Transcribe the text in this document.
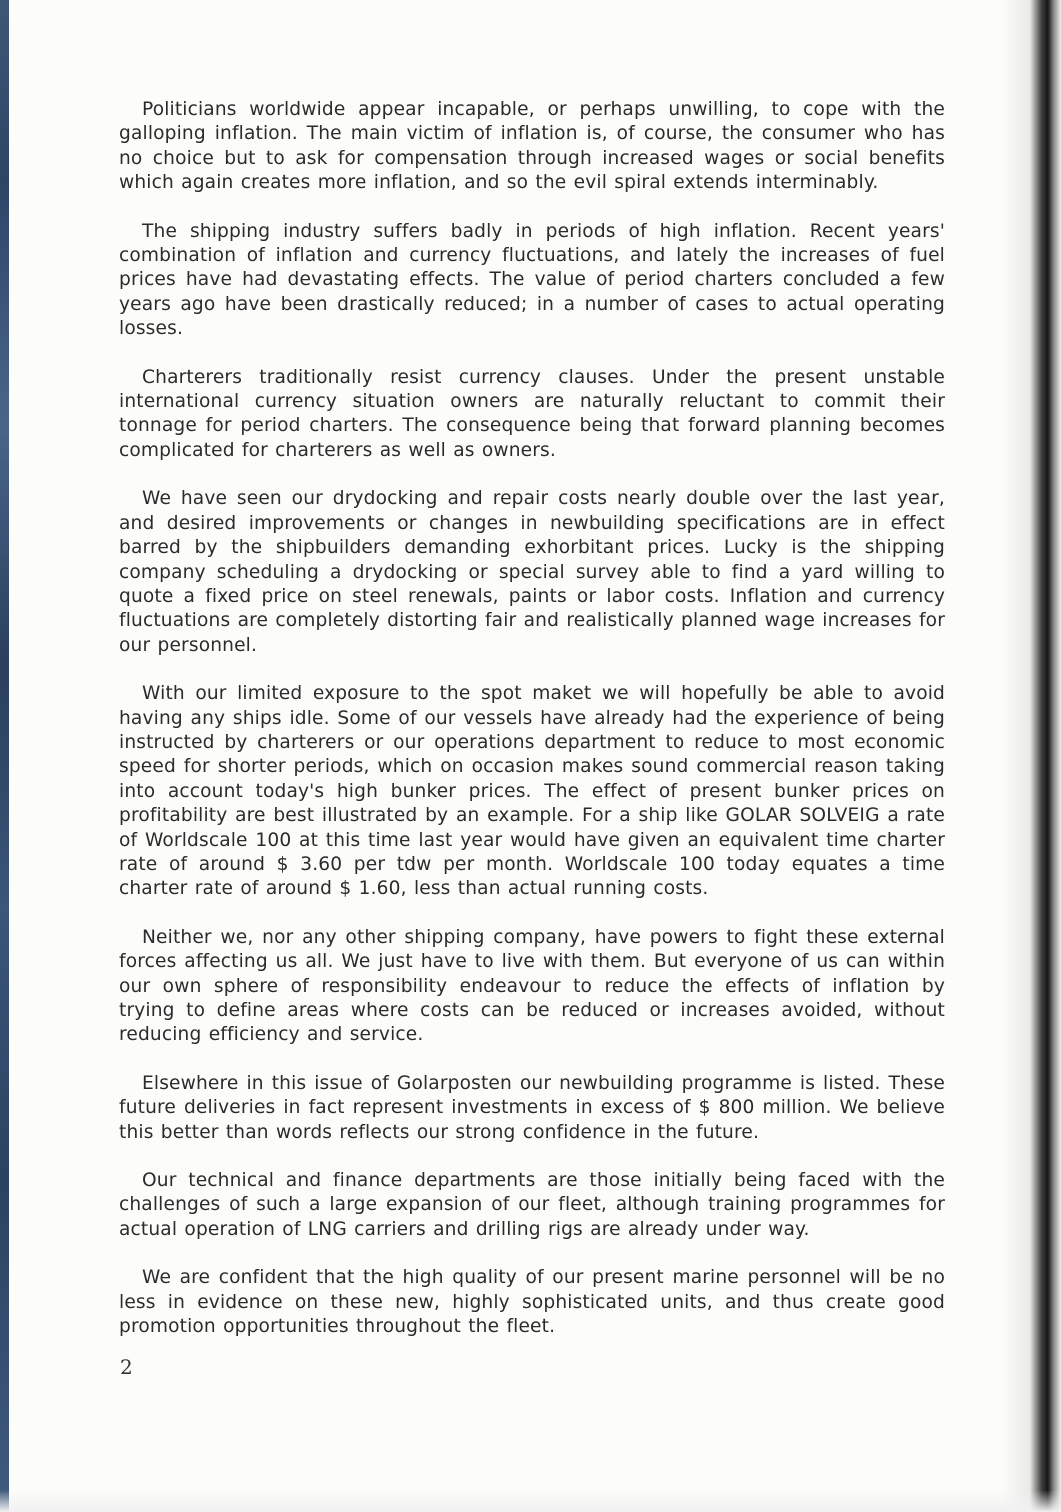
Politicians worldwide appear incapable, or perhaps unwilling, to cope with the galloping inflation. The main victim of inflation is, of course, the consumer who has no choice but to ask for compensation through increased wages or social benefits which again creates more inflation, and so the evil spiral extends interminably.

The shipping industry suffers badly in periods of high inflation. Recent years' combination of inflation and currency fluctuations, and lately the increases of fuel prices have had devastating effects. The value of period charters concluded a few years ago have been drastically reduced; in a number of cases to actual operating losses.

Charterers traditionally resist currency clauses. Under the present unstable international currency situation owners are naturally reluctant to commit their tonnage for period charters. The consequence being that forward planning becomes complicated for charterers as well as owners.

We have seen our drydocking and repair costs nearly double over the last year, and desired improvements or changes in newbuilding specifications are in effect barred by the shipbuilders demanding exhorbitant prices. Lucky is the shipping company scheduling a drydocking or special survey able to find a yard willing to quote a fixed price on steel renewals, paints or labor costs. Inflation and currency fluctuations are completely distorting fair and realistically planned wage increases for our personnel.

With our limited exposure to the spot maket we will hopefully be able to avoid having any ships idle. Some of our vessels have already had the experience of being instructed by charterers or our operations department to reduce to most economic speed for shorter periods, which on occasion makes sound commercial reason taking into account today's high bunker prices. The effect of present bunker prices on profitability are best illustrated by an example. For a ship like GOLAR SOLVEIG a rate of Worldscale 100 at this time last year would have given an equivalent time charter rate of around $ 3.60 per tdw per month. Worldscale 100 today equates a time charter rate of around $ 1.60, less than actual running costs.

Neither we, nor any other shipping company, have powers to fight these external forces affecting us all. We just have to live with them. But everyone of us can within our own sphere of responsibility endeavour to reduce the effects of inflation by trying to define areas where costs can be reduced or increases avoided, without reducing efficiency and service.

Elsewhere in this issue of Golarposten our newbuilding programme is listed. These future deliveries in fact represent investments in excess of $ 800 million. We believe this better than words reflects our strong confidence in the future.

Our technical and finance departments are those initially being faced with the challenges of such a large expansion of our fleet, although training programmes for actual operation of LNG carriers and drilling rigs are already under way.

We are confident that the high quality of our present marine personnel will be no less in evidence on these new, highly sophisticated units, and thus create good promotion opportunities throughout the fleet.

2
